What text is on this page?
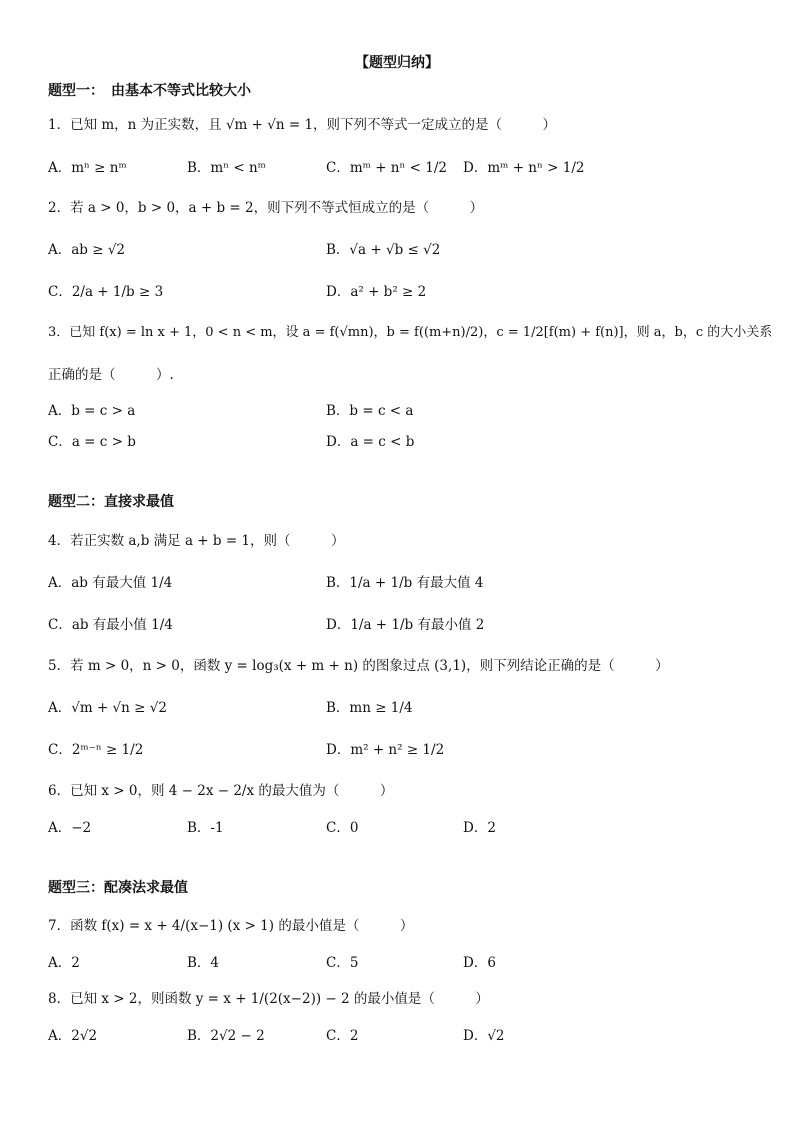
【题型归纳】
题型一：　由基本不等式比较大小
1．已知 m，n 为正实数，且 √m + √n = 1，则下列不等式一定成立的是（　　　）
A．mⁿ ≥ nᵐ	B．mⁿ < nᵐ	C．mᵐ + nⁿ < 1/2 D．mᵐ + nⁿ > 1/2
2．若 a > 0，b > 0，a + b = 2，则下列不等式恒成立的是（　　　）
A．ab ≥ √2	B．√a + √b ≤ √2
C．2/a + 1/b ≥ 3	D．a² + b² ≥ 2
3．已知 f(x) = ln x + 1，0 < n < m，设 a = f(√mn)，b = f((m+n)/2)，c = 1/2[f(m) + f(n)]，则 a，b，c 的大小关系
正确的是（　　　）.
A．b = c > a	B．b = c < a
C．a = c > b	D．a = c < b
题型二：直接求最值
4．若正实数 a,b 满足 a + b = 1，则（　　　）
A．ab 有最大值 1/4	B．1/a + 1/b 有最大值 4
C．ab 有最小值 1/4	D．1/a + 1/b 有最小值 2
5．若 m > 0，n > 0，函数 y = log₃(x + m + n) 的图象过点 (3,1)，则下列结论正确的是（　　　）
A．√m + √n ≥ √2	B．mn ≥ 1/4
C．2ᵐ⁻ⁿ ≥ 1/2	D．m² + n² ≥ 1/2
6．已知 x > 0，则 4 − 2x − 2/x 的最大值为（　　　）
A．−2	B．-1	C．0	D．2
题型三：配凑法求最值
7．函数 f(x) = x + 4/(x−1) (x > 1) 的最小值是（　　　）
A．2	B．4	C．5	D．6
8．已知 x > 2，则函数 y = x + 1/(2(x−2)) − 2 的最小值是（　　　）
A．2√2	B．2√2 − 2	C．2	D．√2
